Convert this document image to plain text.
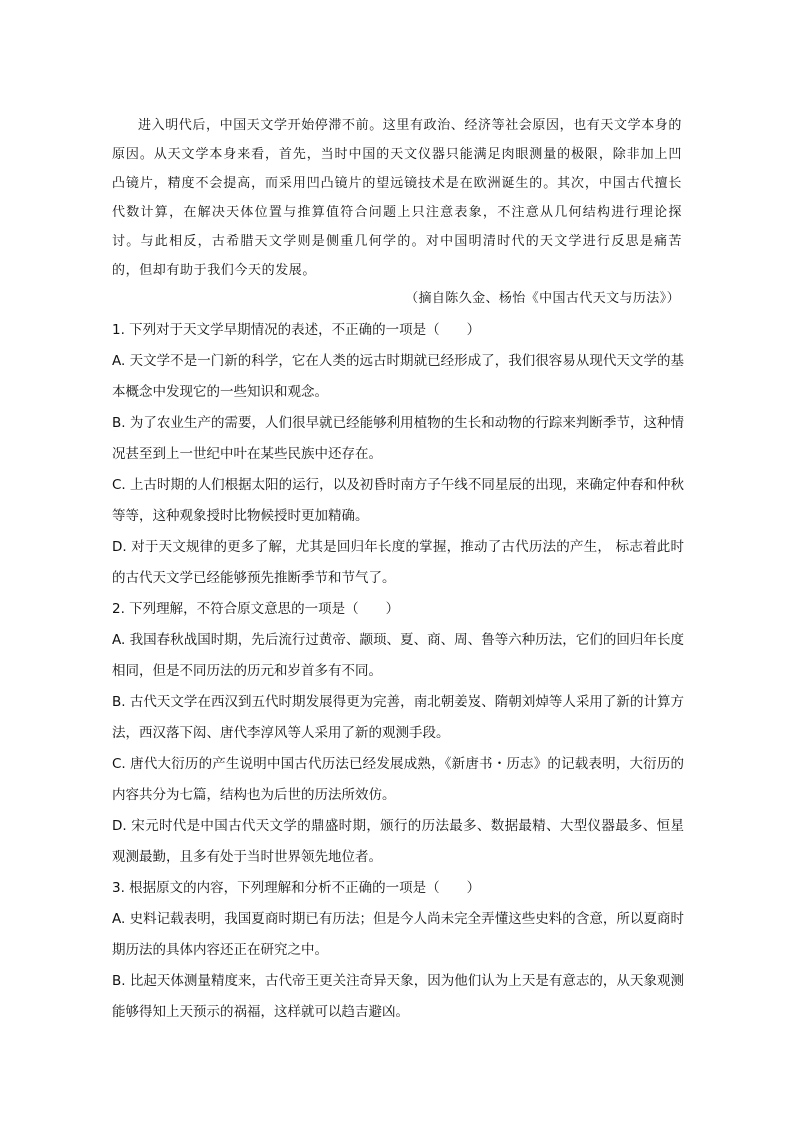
进入明代后，中国天文学开始停滞不前。这里有政治、经济等社会原因，也有天文学本身的原因。从天文学本身来看，首先，当时中国的天文仪器只能满足肉眼测量的极限，除非加上凹凸镜片，精度不会提高，而采用凹凸镜片的望远镜技术是在欧洲诞生的。其次，中国古代擅长代数计算，在解决天体位置与推算值符合问题上只注意表象，不注意从几何结构进行理论探讨。与此相反，古希腊天文学则是侧重几何学的。对中国明清时代的天文学进行反思是痛苦的，但却有助于我们今天的发展。

（摘自陈久金、杨怡《中国古代天文与历法》）

1. 下列对于天文学早期情况的表述，不正确的一项是（　　）

A. 天文学不是一门新的科学，它在人类的远古时期就已经形成了，我们很容易从现代天文学的基本概念中发现它的一些知识和观念。

B. 为了农业生产的需要，人们很早就已经能够利用植物的生长和动物的行踪来判断季节，这种情况甚至到上一世纪中叶在某些民族中还存在。

C. 上古时期的人们根据太阳的运行，以及初昏时南方子午线不同星辰的出现，来确定仲春和仲秋等等，这种观象授时比物候授时更加精确。

D. 对于天文规律的更多了解，尤其是回归年长度的掌握，推动了古代历法的产生， 标志着此时的古代天文学已经能够预先推断季节和节气了。

2. 下列理解，不符合原文意思的一项是（　　）

A. 我国春秋战国时期，先后流行过黄帝、颛顼、夏、商、周、鲁等六种历法，它们的回归年长度相同，但是不同历法的历元和岁首多有不同。

B. 古代天文学在西汉到五代时期发展得更为完善，南北朝姜岌、隋朝刘焯等人采用了新的计算方法，西汉落下闳、唐代李淳风等人采用了新的观测手段。

C. 唐代大衍历的产生说明中国古代历法已经发展成熟，《新唐书・历志》的记载表明，大衍历的内容共分为七篇，结构也为后世的历法所效仿。

D. 宋元时代是中国古代天文学的鼎盛时期，颁行的历法最多、数据最精、大型仪器最多、恒星观测最勤，且多有处于当时世界领先地位者。

3. 根据原文的内容，下列理解和分析不正确的一项是（　　）

A. 史料记载表明，我国夏商时期已有历法；但是今人尚未完全弄懂这些史料的含意，所以夏商时期历法的具体内容还正在研究之中。

B. 比起天体测量精度来，古代帝王更关注奇异天象，因为他们认为上天是有意志的，从天象观测能够得知上天预示的祸福，这样就可以趋吉避凶。
